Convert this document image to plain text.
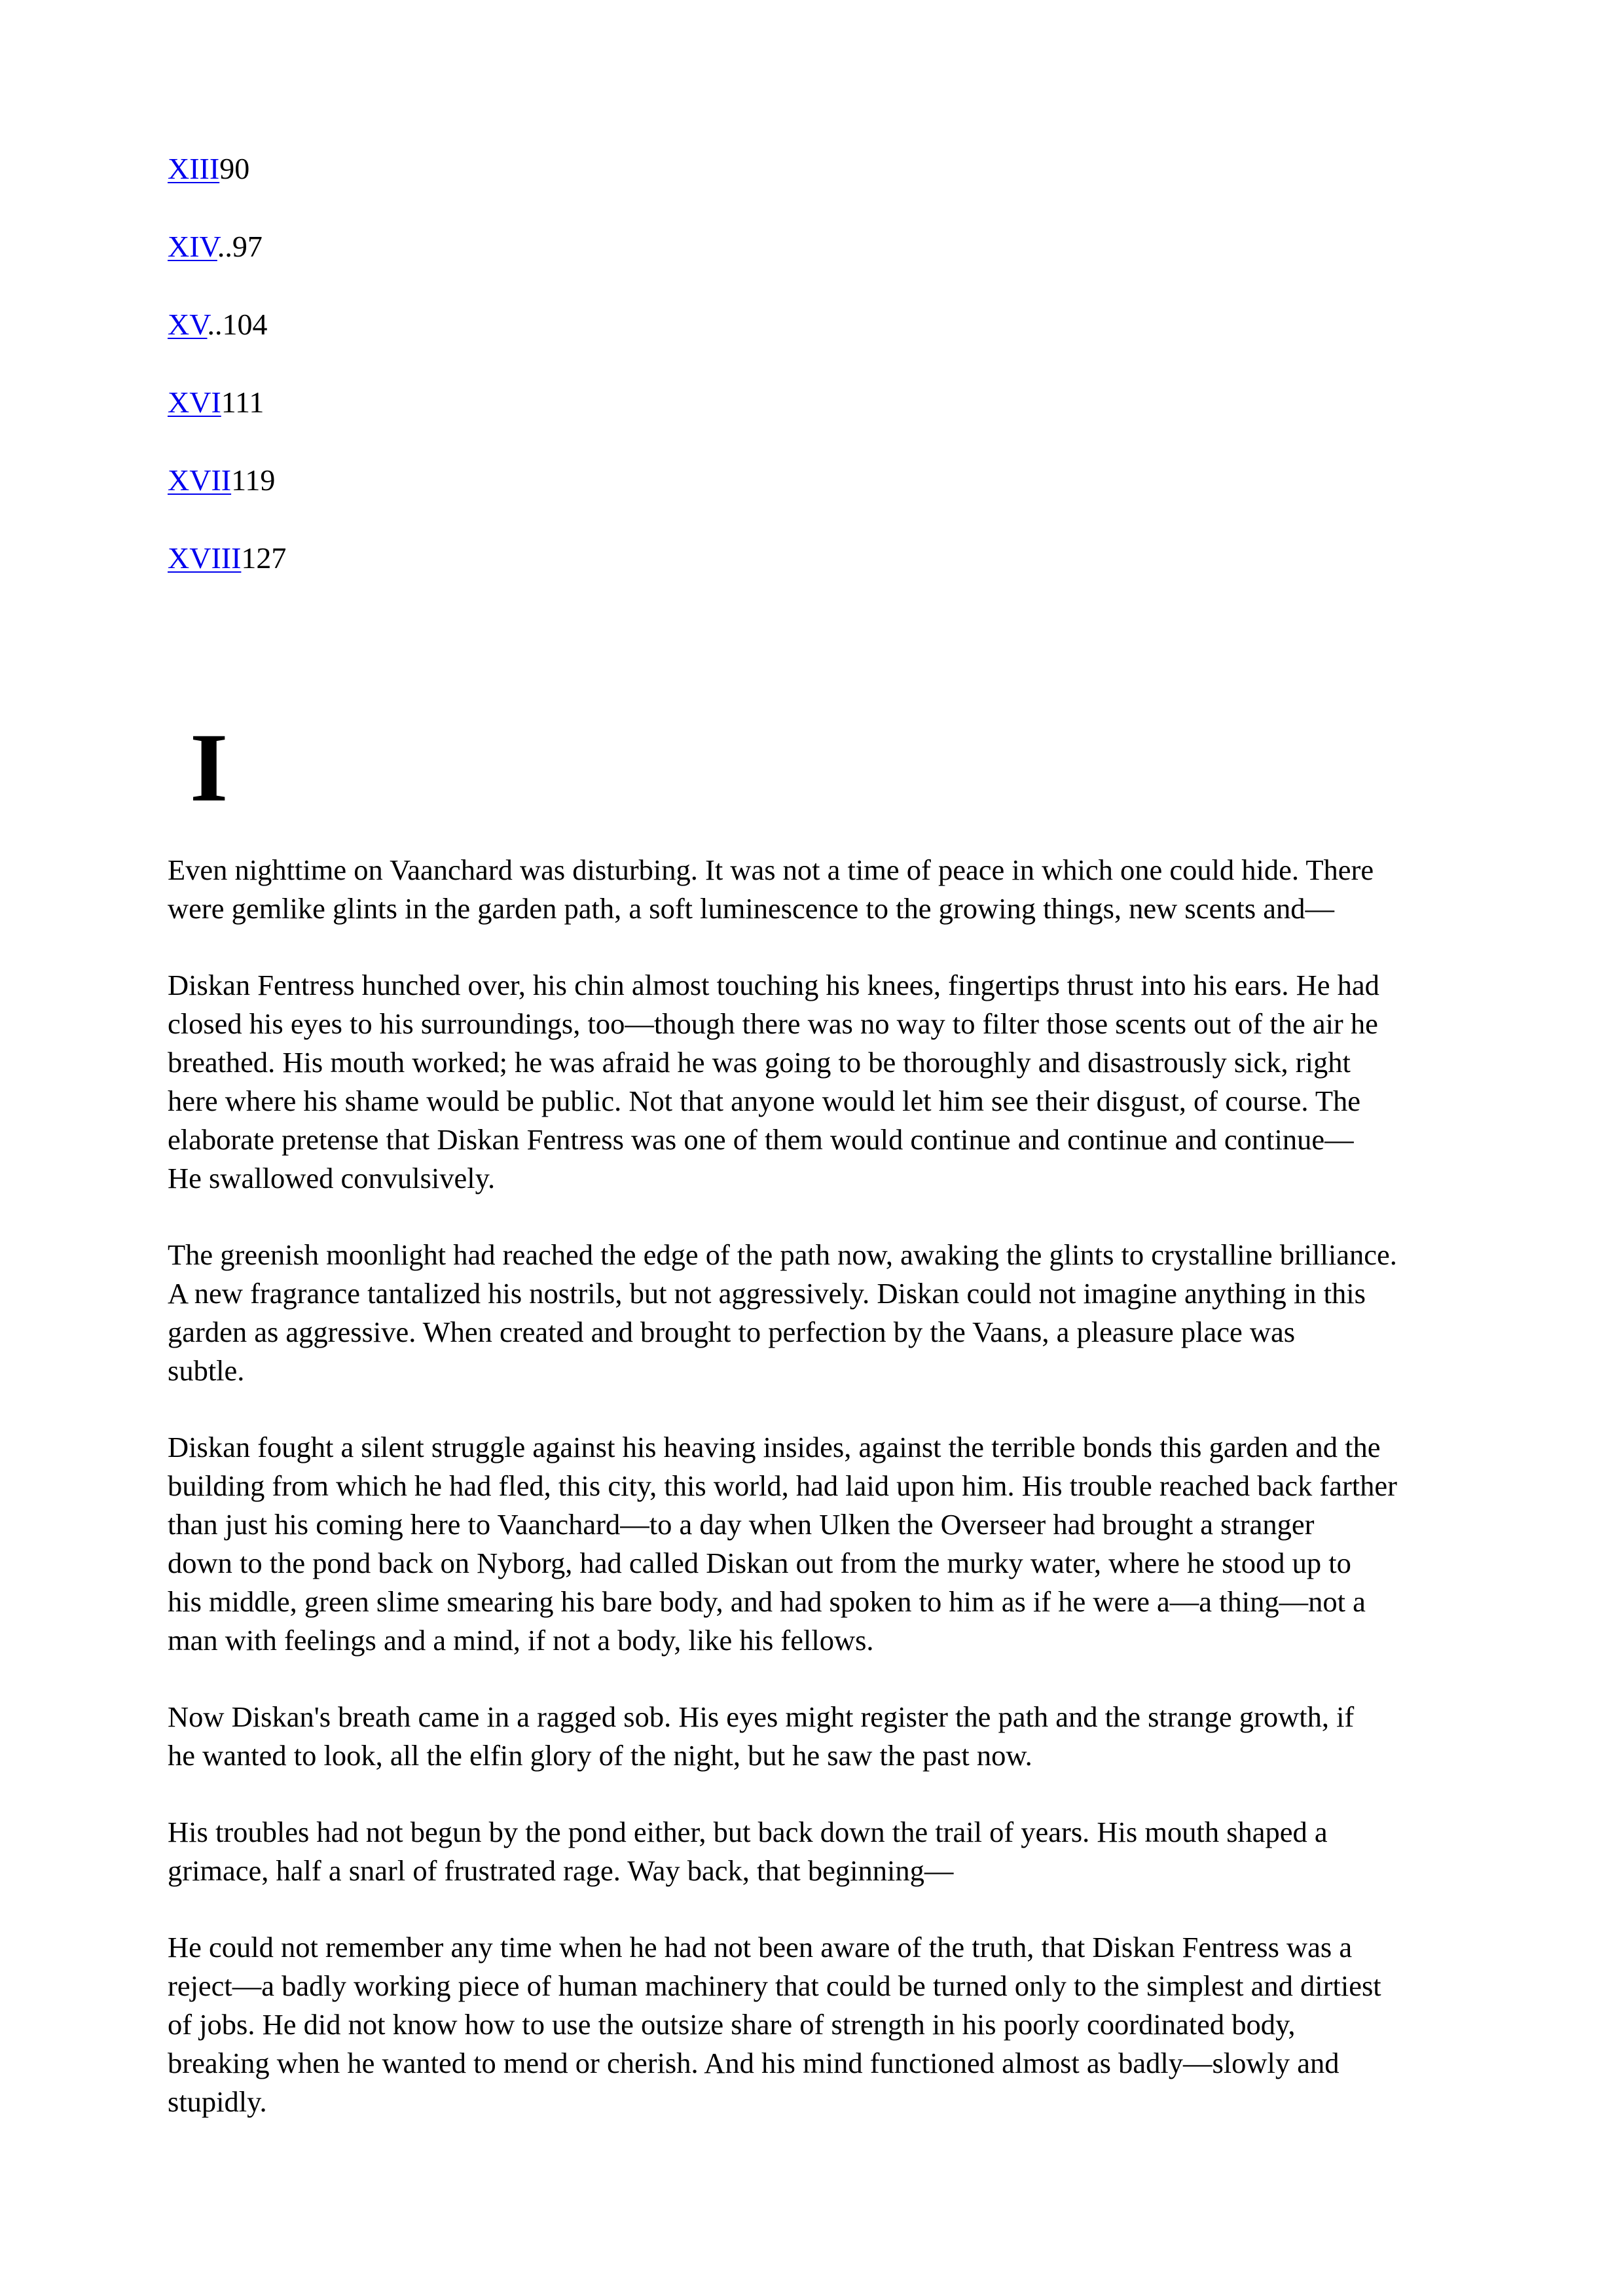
XIII90
XIV..97
XV..104
XVI111
XVII119
XVIII127
I

Even nighttime on Vaanchard was disturbing. It was not a time of peace in which one could hide. There
were gemlike glints in the garden path, a soft luminescence to the growing things, new scents and—

Diskan Fentress hunched over, his chin almost touching his knees, fingertips thrust into his ears. He had
closed his eyes to his surroundings, too—though there was no way to filter those scents out of the air he
breathed. His mouth worked; he was afraid he was going to be thoroughly and disastrously sick, right
here where his shame would be public. Not that anyone would let him see their disgust, of course. The
elaborate pretense that Diskan Fentress was one of them would continue and continue and continue—
He swallowed convulsively.

The greenish moonlight had reached the edge of the path now, awaking the glints to crystalline brilliance.
A new fragrance tantalized his nostrils, but not aggressively. Diskan could not imagine anything in this
garden as aggressive. When created and brought to perfection by the Vaans, a pleasure place was
subtle.

Diskan fought a silent struggle against his heaving insides, against the terrible bonds this garden and the
building from which he had fled, this city, this world, had laid upon him. His trouble reached back farther
than just his coming here to Vaanchard—to a day when Ulken the Overseer had brought a stranger
down to the pond back on Nyborg, had called Diskan out from the murky water, where he stood up to
his middle, green slime smearing his bare body, and had spoken to him as if he were a—a thing—not a
man with feelings and a mind, if not a body, like his fellows.

Now Diskan's breath came in a ragged sob. His eyes might register the path and the strange growth, if
he wanted to look, all the elfin glory of the night, but he saw the past now.

His troubles had not begun by the pond either, but back down the trail of years. His mouth shaped a
grimace, half a snarl of frustrated rage. Way back, that beginning—

He could not remember any time when he had not been aware of the truth, that Diskan Fentress was a
reject—a badly working piece of human machinery that could be turned only to the simplest and dirtiest
of jobs. He did not know how to use the outsize share of strength in his poorly coordinated body,
breaking when he wanted to mend or cherish. And his mind functioned almost as badly—slowly and
stupidly.
